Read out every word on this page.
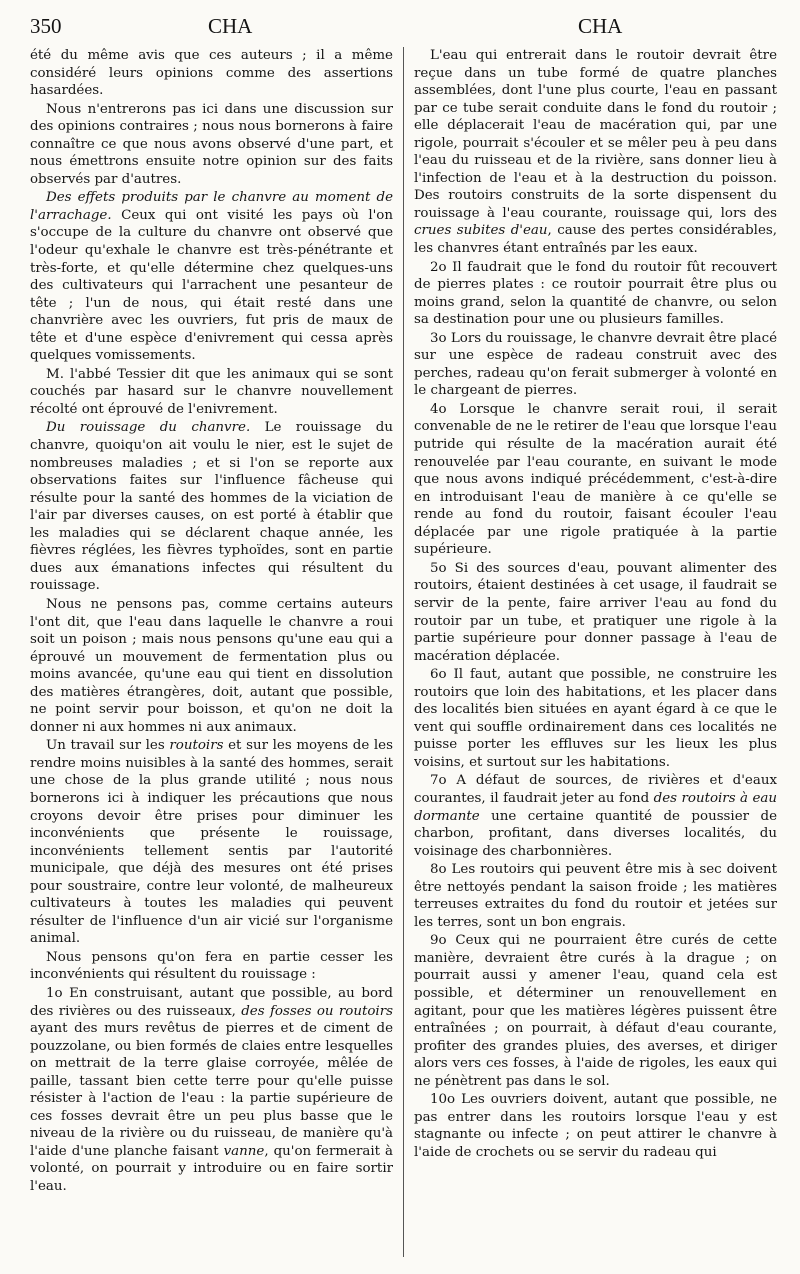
350	CHA	CHA

été du même avis que ces auteurs ; il a même considéré leurs opinions comme des assertions hasardées.

Nous n'entrerons pas ici dans une discussion sur des opinions contraires ; nous nous bornerons à faire connaître ce que nous avons observé d'une part, et nous émettrons ensuite notre opinion sur des faits observés par d'autres.

Des effets produits par le chanvre au moment de l'arrachage. Ceux qui ont visité les pays où l'on s'occupe de la culture du chanvre ont observé que l'odeur qu'exhale le chanvre est très-pénétrante et très-forte, et qu'elle détermine chez quelques-uns des cultivateurs qui l'arrachent une pesanteur de tête ; l'un de nous, qui était resté dans une chanvrière avec les ouvriers, fut pris de maux de tête et d'une espèce d'enivrement qui cessa après quelques vomissements.

M. l'abbé Tessier dit que les animaux qui se sont couchés par hasard sur le chanvre nouvellement récolté ont éprouvé de l'enivrement.

Du rouissage du chanvre. Le rouissage du chanvre, quoiqu'on ait voulu le nier, est le sujet de nombreuses maladies ; et si l'on se reporte aux observations faites sur l'influence fâcheuse qui résulte pour la santé des hommes de la viciation de l'air par diverses causes, on est porté à établir que les maladies qui se déclarent chaque année, les fièvres réglées, les fièvres typhoïdes, sont en partie dues aux émanations infectes qui résultent du rouissage.

Nous ne pensons pas, comme certains auteurs l'ont dit, que l'eau dans laquelle le chanvre a roui soit un poison ; mais nous pensons qu'une eau qui a éprouvé un mouvement de fermentation plus ou moins avancée, qu'une eau qui tient en dissolution des matières étrangères, doit, autant que possible, ne point servir pour boisson, et qu'on ne doit la donner ni aux hommes ni aux animaux.

Un travail sur les routoirs et sur les moyens de les rendre moins nuisibles à la santé des hommes, serait une chose de la plus grande utilité ; nous nous bornerons ici à indiquer les précautions que nous croyons devoir être prises pour diminuer les inconvénients que présente le rouissage, inconvénients tellement sentis par l'autorité municipale, que déjà des mesures ont été prises pour soustraire, contre leur volonté, de malheureux cultivateurs à toutes les maladies qui peuvent résulter de l'influence d'un air vicié sur l'organisme animal.

Nous pensons qu'on fera en partie cesser les inconvénients qui résultent du rouissage :

1o En construisant, autant que possible, au bord des rivières ou des ruisseaux, des fosses ou routoirs ayant des murs revêtus de pierres et de ciment de pouzzolane, ou bien formés de claies entre lesquelles on mettrait de la terre glaise corroyée, mêlée de paille, tassant bien cette terre pour qu'elle puisse résister à l'action de l'eau : la partie supérieure de ces fosses devrait être un peu plus basse que le niveau de la rivière ou du ruisseau, de manière qu'à l'aide d'une planche faisant vanne, qu'on fermerait à volonté, on pourrait y introduire ou en faire sortir l'eau.

L'eau qui entrerait dans le routoir devrait être reçue dans un tube formé de quatre planches assemblées, dont l'une plus courte, l'eau en passant par ce tube serait conduite dans le fond du routoir ; elle déplacerait l'eau de macération qui, par une rigole, pourrait s'écouler et se mêler peu à peu dans l'eau du ruisseau et de la rivière, sans donner lieu à l'infection de l'eau et à la destruction du poisson. Des routoirs construits de la sorte dispensent du rouissage à l'eau courante, rouissage qui, lors des crues subites d'eau, cause des pertes considérables, les chanvres étant entraînés par les eaux.

2o Il faudrait que le fond du routoir fût recouvert de pierres plates : ce routoir pourrait être plus ou moins grand, selon la quantité de chanvre, ou selon sa destination pour une ou plusieurs familles.

3o Lors du rouissage, le chanvre devrait être placé sur une espèce de radeau construit avec des perches, radeau qu'on ferait submerger à volonté en le chargeant de pierres.

4o Lorsque le chanvre serait roui, il serait convenable de ne le retirer de l'eau que lorsque l'eau putride qui résulte de la macération aurait été renouvelée par l'eau courante, en suivant le mode que nous avons indiqué précédemment, c'est-à-dire en introduisant l'eau de manière à ce qu'elle se rende au fond du routoir, faisant écouler l'eau déplacée par une rigole pratiquée à la partie supérieure.

5o Si des sources d'eau, pouvant alimenter des routoirs, étaient destinées à cet usage, il faudrait se servir de la pente, faire arriver l'eau au fond du routoir par un tube, et pratiquer une rigole à la partie supérieure pour donner passage à l'eau de macération déplacée.

6o Il faut, autant que possible, ne construire les routoirs que loin des habitations, et les placer dans des localités bien situées en ayant égard à ce que le vent qui souffle ordinairement dans ces localités ne puisse porter les effluves sur les lieux les plus voisins, et surtout sur les habitations.

7o A défaut de sources, de rivières et d'eaux courantes, il faudrait jeter au fond des routoirs à eau dormante une certaine quantité de poussier de charbon, profitant, dans diverses localités, du voisinage des charbonnières.

8o Les routoirs qui peuvent être mis à sec doivent être nettoyés pendant la saison froide ; les matières terreuses extraites du fond du routoir et jetées sur les terres, sont un bon engrais.

9o Ceux qui ne pourraient être curés de cette manière, devraient être curés à la drague ; on pourrait aussi y amener l'eau, quand cela est possible, et déterminer un renouvellement en agitant, pour que les matières légères puissent être entraînées ; on pourrait, à défaut d'eau courante, profiter des grandes pluies, des averses, et diriger alors vers ces fosses, à l'aide de rigoles, les eaux qui ne pénètrent pas dans le sol.

10o Les ouvriers doivent, autant que possible, ne pas entrer dans les routoirs lorsque l'eau y est stagnante ou infecte ; on peut attirer le chanvre à l'aide de crochets ou se servir du radeau qui
